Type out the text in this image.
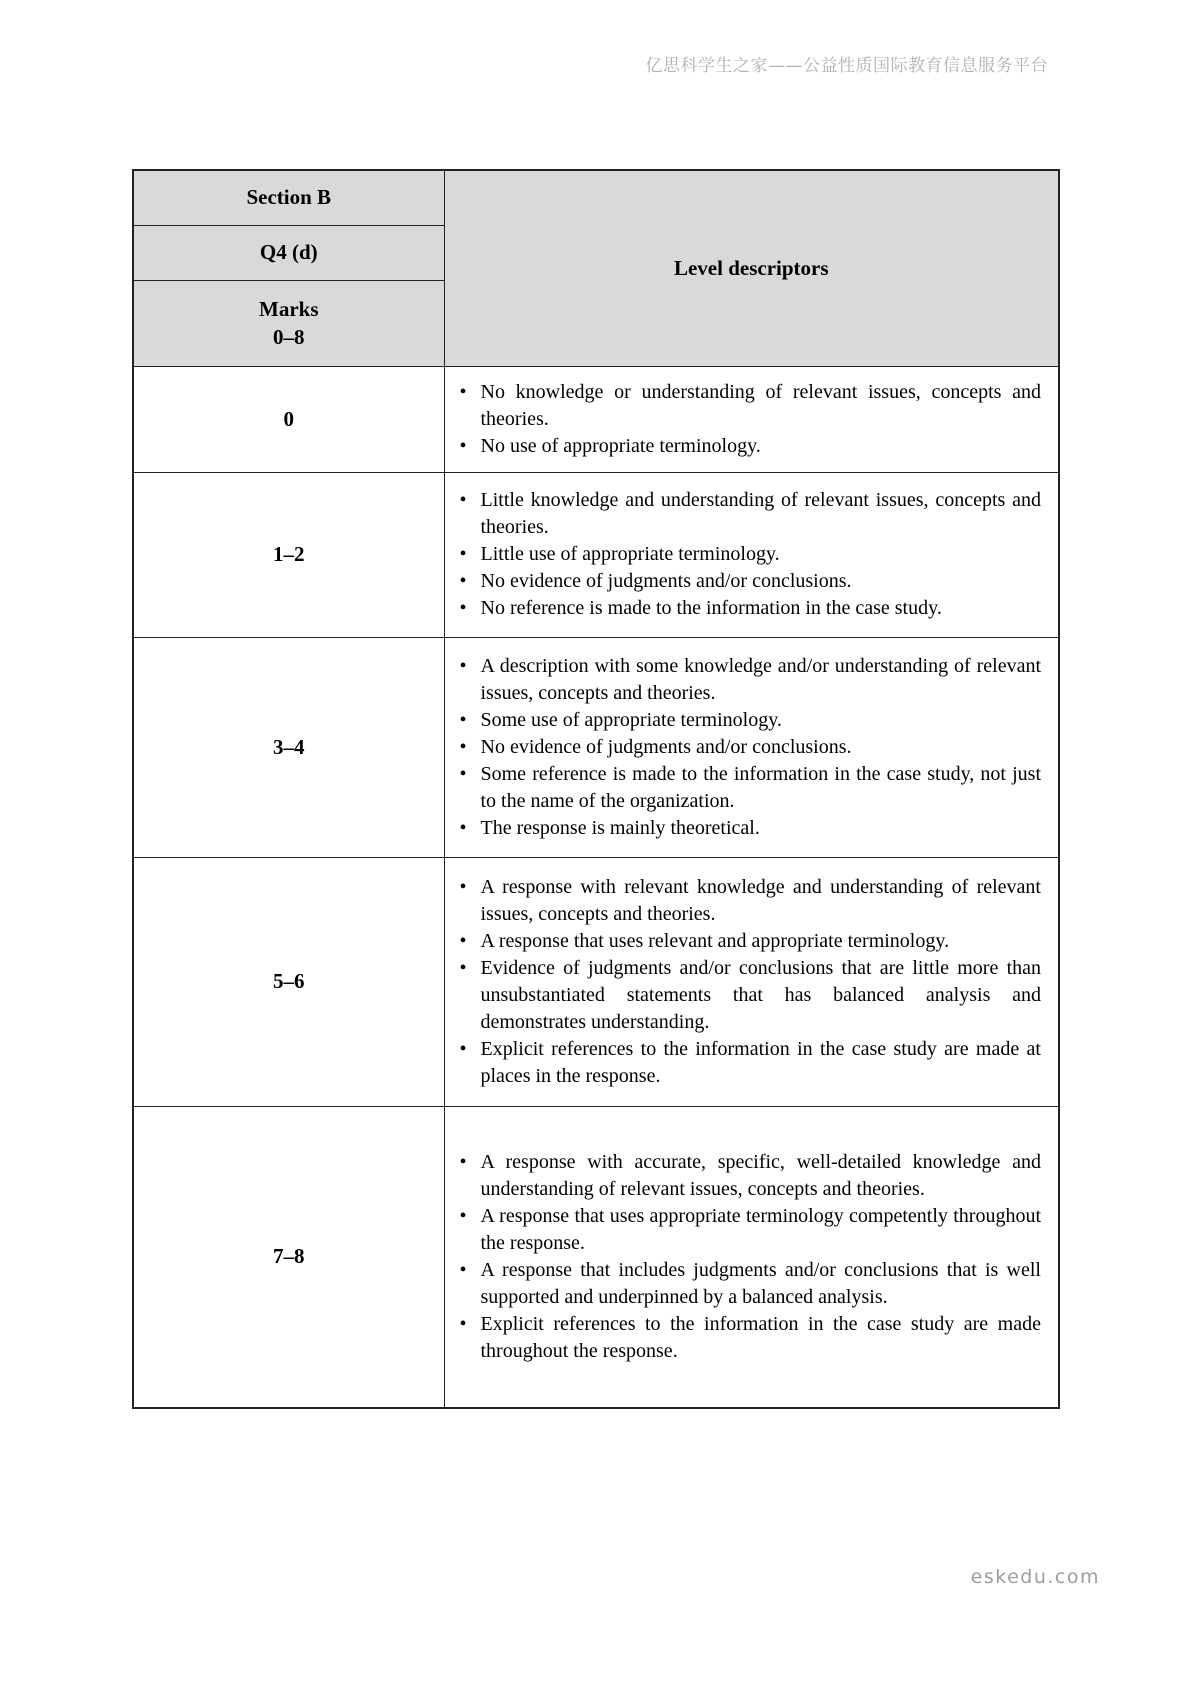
亿思科学生之家——公益性质国际教育信息服务平台
Section B	Level descriptors
Q4 (d)	

Marks
0–8	

0	
• No knowledge or understanding of relevant issues, concepts and theories.
• No use of appropriate terminology.

1–2	
• Little knowledge and understanding of relevant issues, concepts and theories.
• Little use of appropriate terminology.
• No evidence of judgments and/or conclusions.
• No reference is made to the information in the case study.

3–4	
• A description with some knowledge and/or understanding of relevant issues, concepts and theories.
• Some use of appropriate terminology.
• No evidence of judgments and/or conclusions.
• Some reference is made to the information in the case study, not just to the name of the organization.
• The response is mainly theoretical.

5–6	
• A response with relevant knowledge and understanding of relevant issues, concepts and theories.
• A response that uses relevant and appropriate terminology.
• Evidence of judgments and/or conclusions that are little more than unsubstantiated statements that has balanced analysis and demonstrates understanding.
• Explicit references to the information in the case study are made at places in the response.

7–8	
• A response with accurate, specific, well-detailed knowledge and understanding of relevant issues, concepts and theories.
• A response that uses appropriate terminology competently throughout the response.
• A response that includes judgments and/or conclusions that is well supported and underpinned by a balanced analysis.
• Explicit references to the information in the case study are made throughout the response.
eskedu.com
